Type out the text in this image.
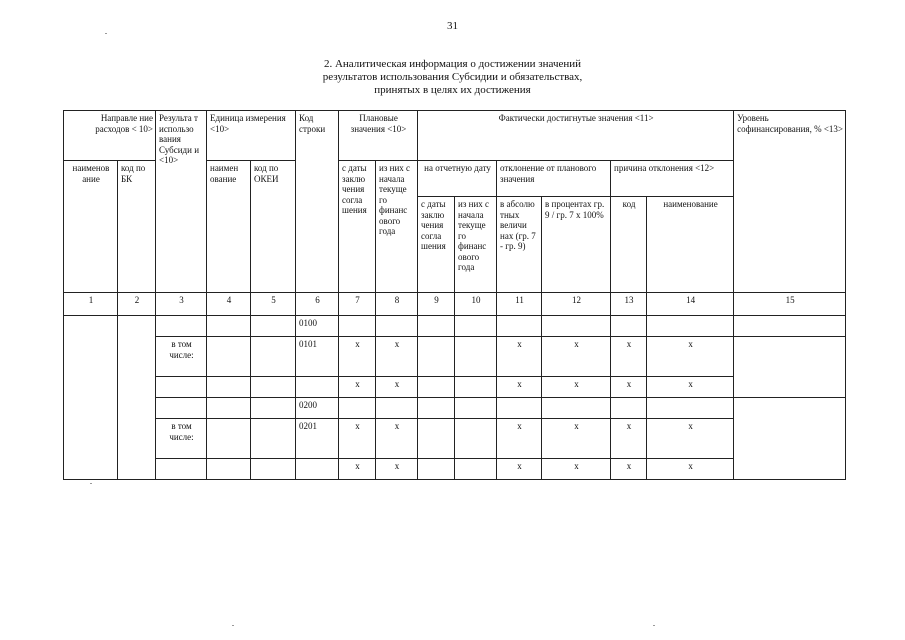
31
2. Аналитическая информация о достижении значений
результатов использования Субсидии и обязательствах,
принятых в целях их достижения
Направле ние расходов < 10>		Результа т использо вания Субсиди и <10>	Единица измерения <10>		Код строки	Плановые значения <10>		Фактически достигнутые значения <11>						Уровень софинансирования, % <13>
наименов ание	код по БК		наимен ование	код по ОКЕИ		с даты заклю чения согла шения	из них с начала текуще го финанс ового года	на отчетную дату		отклонение от планового значения		причина отклонения <12>		
								с даты заклю чения согла шения	из них с начала текуще го финанс ового года	в абсолю тных величи нах (гр. 7 - гр. 9)	в процентах гр. 9 / гр. 7 х 100%	код	наименование	
1	2	3	4	5	6	7	8	9	10	11	12	13	14	15
					0100									
		в том числе:			0101	x	x			x	x	x	x	
						x	x			x	x	x	x	
					0200									
		в том числе:			0201	x	x			x	x	x	x	
						x	x			x	x	x	x	
